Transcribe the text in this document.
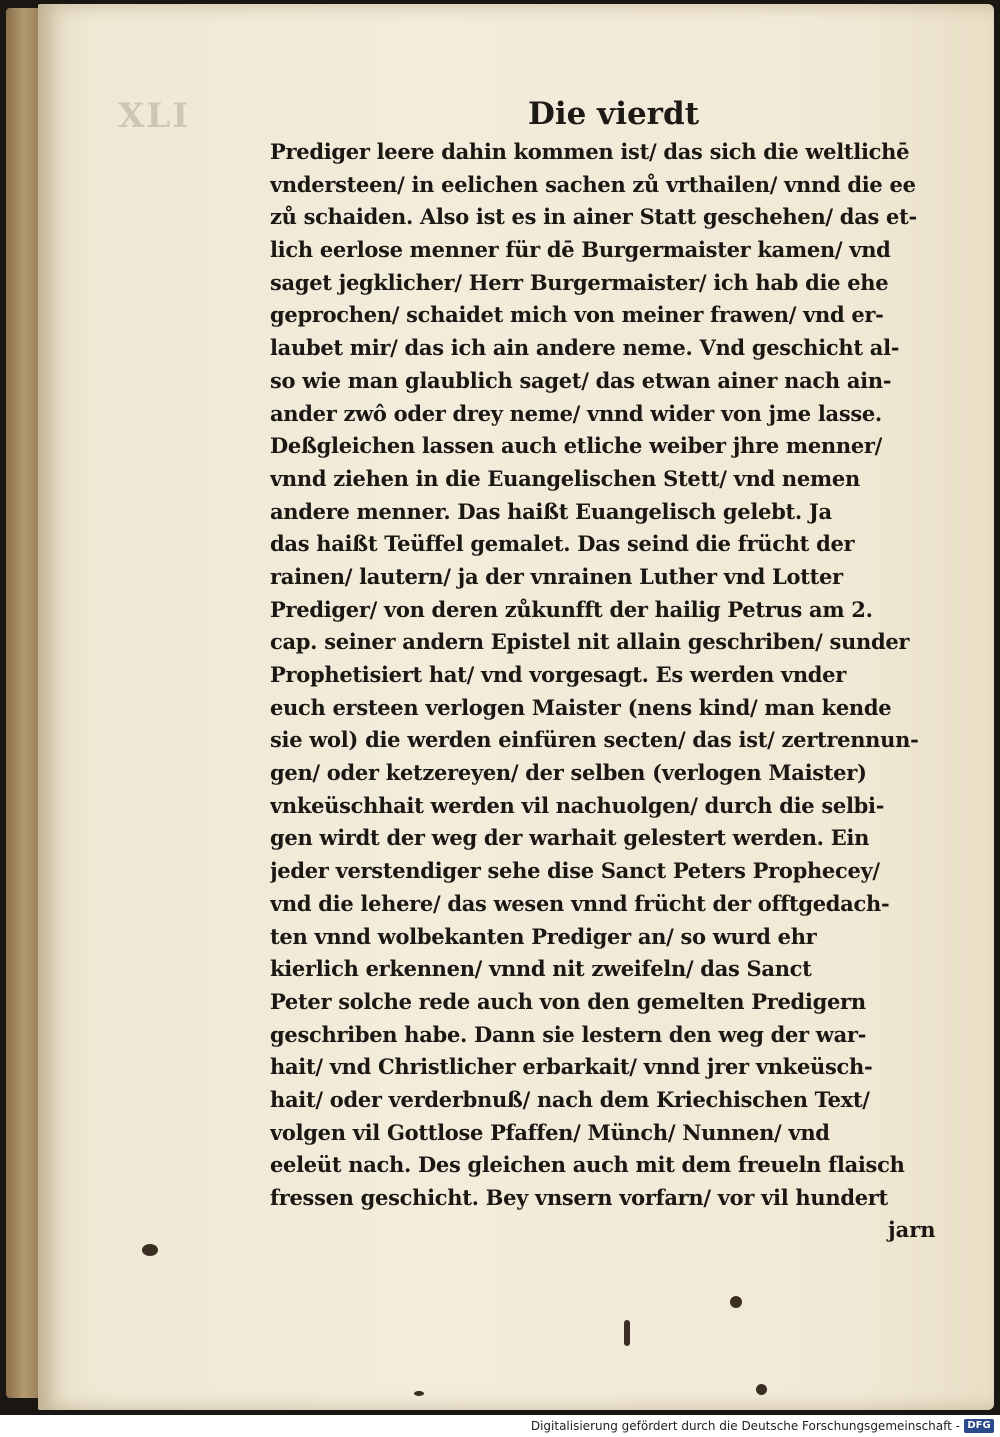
XLI	Die vierdt
Prediger leere dahin kommen ist/ das sich die weltlichē
vndersteen/ in eelichen sachen zů vrthailen/ vnnd die ee
zů schaiden. Also ist es in ainer Statt geschehen/ das et-
lich eerlose menner für dē Burgermaister kamen/ vnd
saget jegklicher/ Herr Burgermaister/ ich hab die ehe
geprochen/ schaidet mich von meiner frawen/ vnd er-
laubet mir/ das ich ain andere neme. Vnd geschicht al-
so wie man glaublich saget/ das etwan ainer nach ain-
ander zwô oder drey neme/ vnnd wider von jme lasse.
Deßgleichen lassen auch etliche weiber jhre menner/
vnnd ziehen in die Euangelischen Stett/ vnd nemen
andere menner. Das haißt Euangelisch gelebt. Ja
das haißt Teüffel gemalet. Das seind die frücht der
rainen/ lautern/ ja der vnrainen Luther vnd Lotter
Prediger/ von deren zůkunfft der hailig Petrus am 2.
cap. seiner andern Epistel nit allain geschriben/ sunder
Prophetisiert hat/ vnd vorgesagt. Es werden vnder
euch ersteen verlogen Maister (nens kind/ man kende
sie wol) die werden einfüren secten/ das ist/ zertrennun-
gen/ oder ketzereyen/ der selben (verlogen Maister)
vnkeüschhait werden vil nachuolgen/ durch die selbi-
gen wirdt der weg der warhait gelestert werden. Ein
jeder verstendiger sehe dise Sanct Peters Prophecey/
vnd die lehere/ das wesen vnnd frücht der offtgedach-
ten vnnd wolbekanten Prediger an/ so wurd ehr
kierlich erkennen/ vnnd nit zweifeln/ das Sanct
Peter solche rede auch von den gemelten Predigern
geschriben habe. Dann sie lestern den weg der war-
hait/ vnd Christlicher erbarkait/ vnnd jrer vnkeüsch-
hait/ oder verderbnuß/ nach dem Kriechischen Text/
volgen vil Gottlose Pfaffen/ Münch/ Nunnen/ vnd
eeleüt nach. Des gleichen auch mit dem freueln flaisch
fressen geschicht. Bey vnsern vorfarn/ vor vil hundert
jarn
Digitalisierung gefördert durch die Deutsche Forschungsgemeinschaft - DFG
